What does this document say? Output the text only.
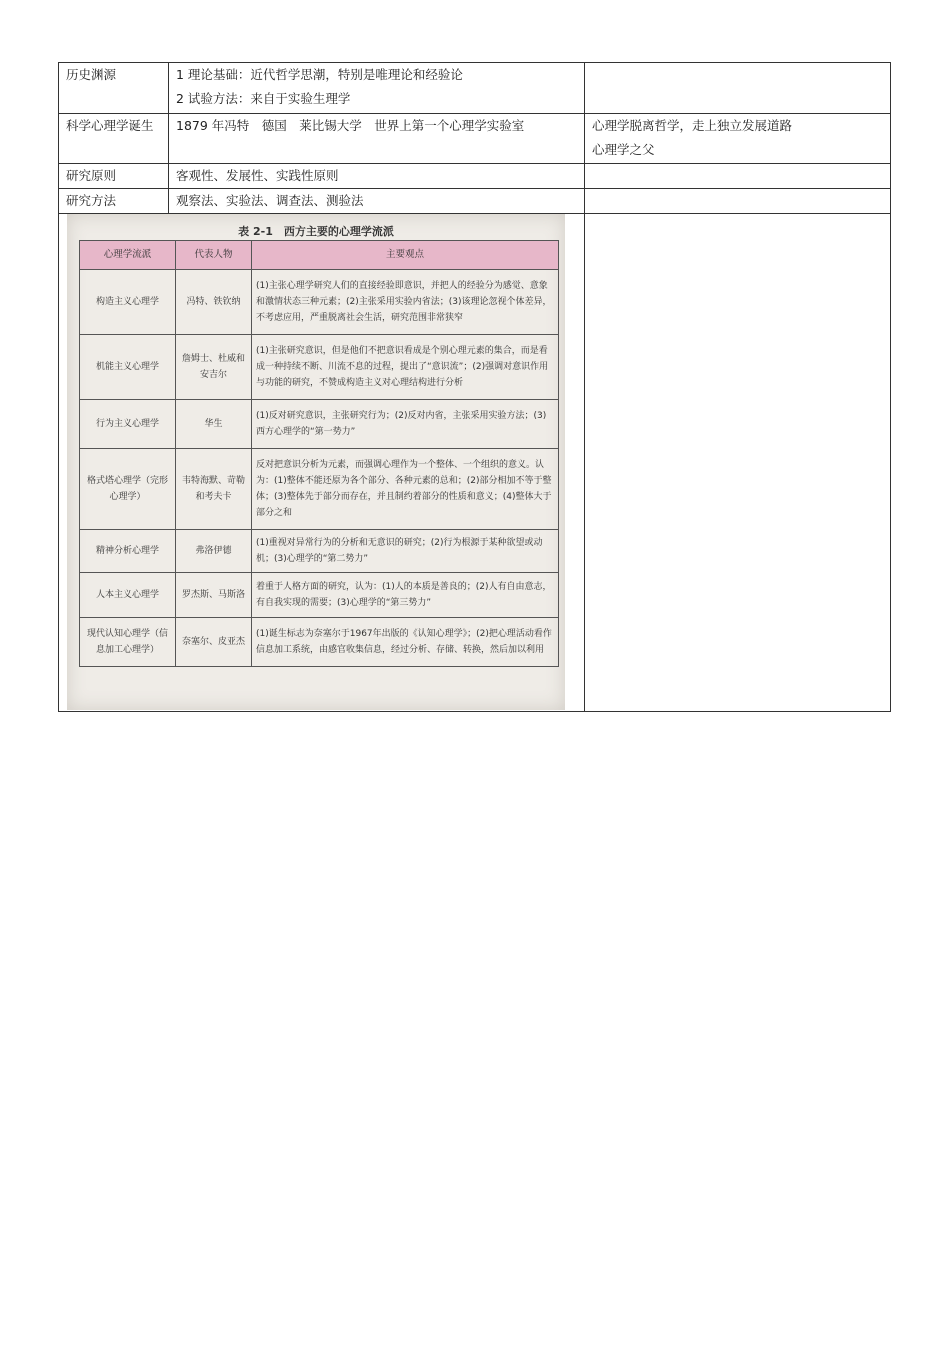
历史渊源	1 理论基础：近代哲学思潮，特别是唯理论和经验论
2 试验方法：来自于实验生理学

科学心理学诞生	1879 年冯特　德国　莱比锡大学　世界上第一个心理学实验室	心理学脱离哲学，走上独立发展道路
心理学之父

研究原则	客观性、发展性、实践性原则	
研究方法	观察法、实验法、调查法、测验法	

表 2-1　西方主要的心理学流派
心理学流派	代表人物	主要观点
构造主义心理学	冯特、铁钦纳	(1)主张心理学研究人们的直接经验即意识，并把人的经验分为感觉、意象和激情状态三种元素；(2)主张采用实验内省法；(3)该理论忽视个体差异，不考虑应用，严重脱离社会生活，研究范围非常狭窄
机能主义心理学	詹姆士、杜威和安吉尔	(1)主张研究意识，但是他们不把意识看成是个别心理元素的集合，而是看成一种持续不断、川流不息的过程，提出了“意识流”；(2)强调对意识作用与功能的研究，不赞成构造主义对心理结构进行分析
行为主义心理学	华生	(1)反对研究意识，主张研究行为；(2)反对内省，主张采用实验方法；(3)西方心理学的“第一势力”
格式塔心理学（完形心理学）	韦特海默、苛勒和考夫卡	反对把意识分析为元素，而强调心理作为一个整体、一个组织的意义。认为：(1)整体不能还原为各个部分、各种元素的总和；(2)部分相加不等于整体；(3)整体先于部分而存在，并且制约着部分的性质和意义；(4)整体大于部分之和
精神分析心理学	弗洛伊德	(1)重视对异常行为的分析和无意识的研究；(2)行为根源于某种欲望或动机；(3)心理学的“第二势力”
人本主义心理学	罗杰斯、马斯洛	着重于人格方面的研究，认为：(1)人的本质是善良的；(2)人有自由意志，有自我实现的需要；(3)心理学的“第三势力”
现代认知心理学（信息加工心理学）	奈塞尔、皮亚杰	(1)诞生标志为奈塞尔于1967年出版的《认知心理学》；(2)把心理活动看作信息加工系统，由感官收集信息，经过分析、存储、转换，然后加以利用
